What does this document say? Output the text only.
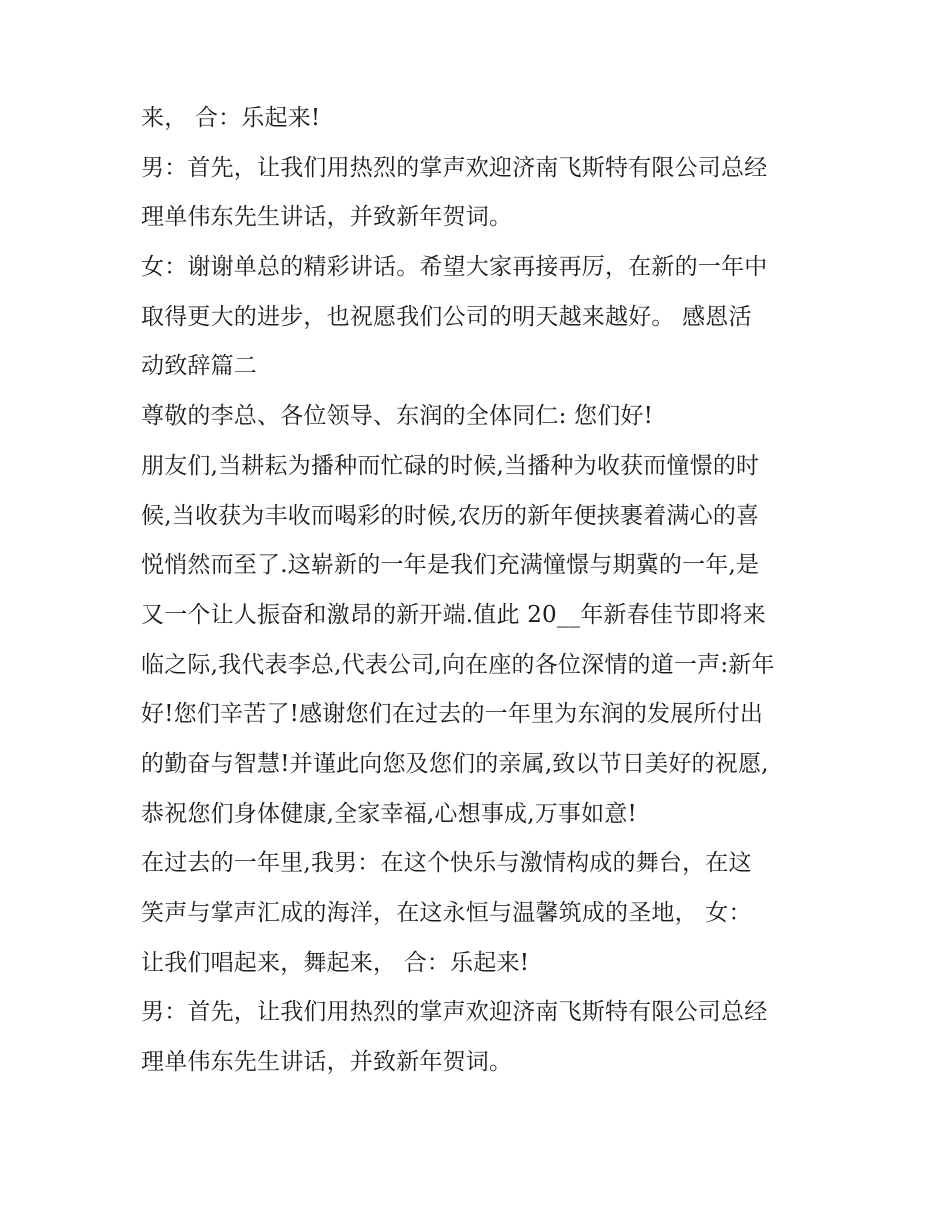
来， 合：乐起来!
男：首先，让我们用热烈的掌声欢迎济南飞斯特有限公司总经
理单伟东先生讲话，并致新年贺词。
女：谢谢单总的精彩讲话。希望大家再接再厉，在新的一年中
取得更大的进步，也祝愿我们公司的明天越来越好。 感恩活
动致辞篇二
尊敬的李总、各位领导、东润的全体同仁: 您们好!
朋友们,当耕耘为播种而忙碌的时候,当播种为收获而憧憬的时
候,当收获为丰收而喝彩的时候,农历的新年便挟裹着满心的喜
悦悄然而至了.这崭新的一年是我们充满憧憬与期冀的一年,是
又一个让人振奋和激昂的新开端.值此 20__年新春佳节即将来
临之际,我代表李总,代表公司,向在座的各位深情的道一声:新年
好!您们辛苦了!感谢您们在过去的一年里为东润的发展所付出
的勤奋与智慧!并谨此向您及您们的亲属,致以节日美好的祝愿,
恭祝您们身体健康,全家幸福,心想事成,万事如意!
在过去的一年里,我男：在这个快乐与激情构成的舞台，在这
笑声与掌声汇成的海洋，在这永恒与温馨筑成的圣地， 女：
让我们唱起来，舞起来， 合：乐起来!
男：首先，让我们用热烈的掌声欢迎济南飞斯特有限公司总经
理单伟东先生讲话，并致新年贺词。
